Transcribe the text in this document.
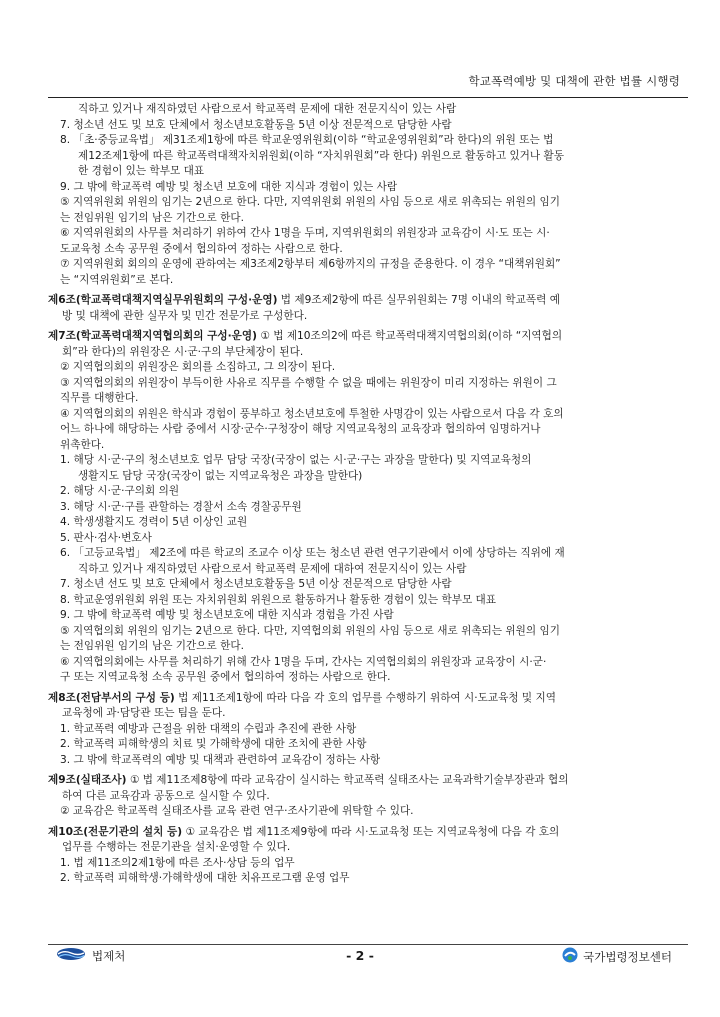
학교폭력예방 및 대책에 관한 법률 시행령
직하고 있거나 재직하였던 사람으로서 학교폭력 문제에 대한 전문지식이 있는 사람
7. 청소년 선도 및 보호 단체에서 청소년보호활동을 5년 이상 전문적으로 담당한 사람
8. 「초·중등교육법」 제31조제1항에 따른 학교운영위원회(이하 “학교운영위원회”라 한다)의 위원 또는 법
제12조제1항에 따른 학교폭력대책자치위원회(이하 “자치위원회”라 한다) 위원으로 활동하고 있거나 활동
한 경험이 있는 학부모 대표
9. 그 밖에 학교폭력 예방 및 청소년 보호에 대한 지식과 경험이 있는 사람
⑤ 지역위원회 위원의 임기는 2년으로 한다. 다만, 지역위원회 위원의 사임 등으로 새로 위촉되는 위원의 임기
는 전임위원 임기의 남은 기간으로 한다.
⑥ 지역위원회의 사무를 처리하기 위하여 간사 1명을 두며, 지역위원회의 위원장과 교육감이 시·도 또는 시·
도교육청 소속 공무원 중에서 협의하여 정하는 사람으로 한다.
⑦ 지역위원회 회의의 운영에 관하여는 제3조제2항부터 제6항까지의 규정을 준용한다. 이 경우 “대책위원회”
는 “지역위원회”로 본다.
제6조(학교폭력대책지역실무위원회의 구성·운영) 법 제9조제2항에 따른 실무위원회는 7명 이내의 학교폭력 예
방 및 대책에 관한 실무자 및 민간 전문가로 구성한다.
제7조(학교폭력대책지역협의회의 구성·운영) ① 법 제10조의2에 따른 학교폭력대책지역협의회(이하 “지역협의
회”라 한다)의 위원장은 시·군·구의 부단체장이 된다.
② 지역협의회의 위원장은 회의를 소집하고, 그 의장이 된다.
③ 지역협의회의 위원장이 부득이한 사유로 직무를 수행할 수 없을 때에는 위원장이 미리 지정하는 위원이 그
직무를 대행한다.
④ 지역협의회의 위원은 학식과 경험이 풍부하고 청소년보호에 투철한 사명감이 있는 사람으로서 다음 각 호의
어느 하나에 해당하는 사람 중에서 시장·군수·구청장이 해당 지역교육청의 교육장과 협의하여 임명하거나
위촉한다.
1. 해당 시·군·구의 청소년보호 업무 담당 국장(국장이 없는 시·군·구는 과장을 말한다) 및 지역교육청의
생활지도 담당 국장(국장이 없는 지역교육청은 과장을 말한다)
2. 해당 시·군·구의회 의원
3. 해당 시·군·구를 관할하는 경찰서 소속 경찰공무원
4. 학생생활지도 경력이 5년 이상인 교원
5. 판사·검사·변호사
6. 「고등교육법」 제2조에 따른 학교의 조교수 이상 또는 청소년 관련 연구기관에서 이에 상당하는 직위에 재
직하고 있거나 재직하였던 사람으로서 학교폭력 문제에 대하여 전문지식이 있는 사람
7. 청소년 선도 및 보호 단체에서 청소년보호활동을 5년 이상 전문적으로 담당한 사람
8. 학교운영위원회 위원 또는 자치위원회 위원으로 활동하거나 활동한 경험이 있는 학부모 대표
9. 그 밖에 학교폭력 예방 및 청소년보호에 대한 지식과 경험을 가진 사람
⑤ 지역협의회 위원의 임기는 2년으로 한다. 다만, 지역협의회 위원의 사임 등으로 새로 위촉되는 위원의 임기
는 전임위원 임기의 남은 기간으로 한다.
⑥ 지역협의회에는 사무를 처리하기 위해 간사 1명을 두며, 간사는 지역협의회의 위원장과 교육장이 시·군·
구 또는 지역교육청 소속 공무원 중에서 협의하여 정하는 사람으로 한다.
제8조(전담부서의 구성 등) 법 제11조제1항에 따라 다음 각 호의 업무를 수행하기 위하여 시·도교육청 및 지역
교육청에 과·담당관 또는 팀을 둔다.
1. 학교폭력 예방과 근절을 위한 대책의 수립과 추진에 관한 사항
2. 학교폭력 피해학생의 치료 및 가해학생에 대한 조치에 관한 사항
3. 그 밖에 학교폭력의 예방 및 대책과 관련하여 교육감이 정하는 사항
제9조(실태조사) ① 법 제11조제8항에 따라 교육감이 실시하는 학교폭력 실태조사는 교육과학기술부장관과 협의
하여 다른 교육감과 공동으로 실시할 수 있다.
② 교육감은 학교폭력 실태조사를 교육 관련 연구·조사기관에 위탁할 수 있다.
제10조(전문기관의 설치 등) ① 교육감은 법 제11조제9항에 따라 시·도교육청 또는 지역교육청에 다음 각 호의
업무를 수행하는 전문기관을 설치·운영할 수 있다.
1. 법 제11조의2제1항에 따른 조사·상담 등의 업무
2. 학교폭력 피해학생·가해학생에 대한 치유프로그램 운영 업무
법제처	- 2 -	국가법령정보센터
